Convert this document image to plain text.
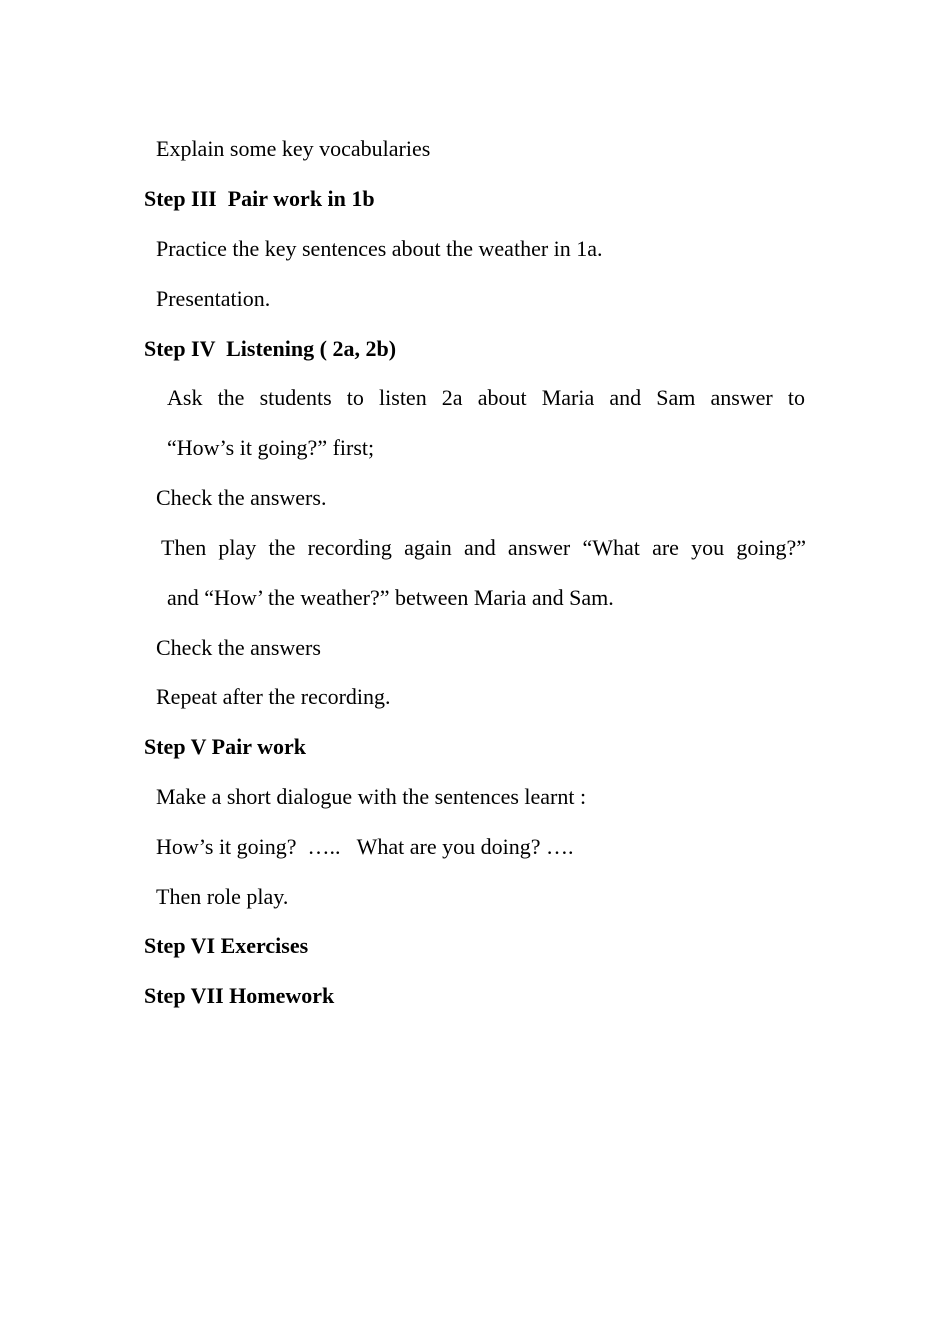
Explain some key vocabularies
Step III  Pair work in 1b
Practice the key sentences about the weather in 1a.
Presentation.
Step IV  Listening ( 2a, 2b)
Ask the students to listen 2a about Maria and Sam answer to
“How’s it going?” first;
Check the answers.
Then play the recording again and answer “What are you going?”
and “How’ the weather?” between Maria and Sam.
Check the answers
Repeat after the recording.
Step V Pair work
Make a short dialogue with the sentences learnt :
How’s it going?  …..   What are you doing? ….
Then role play.
Step VI Exercises
Step VII Homework
